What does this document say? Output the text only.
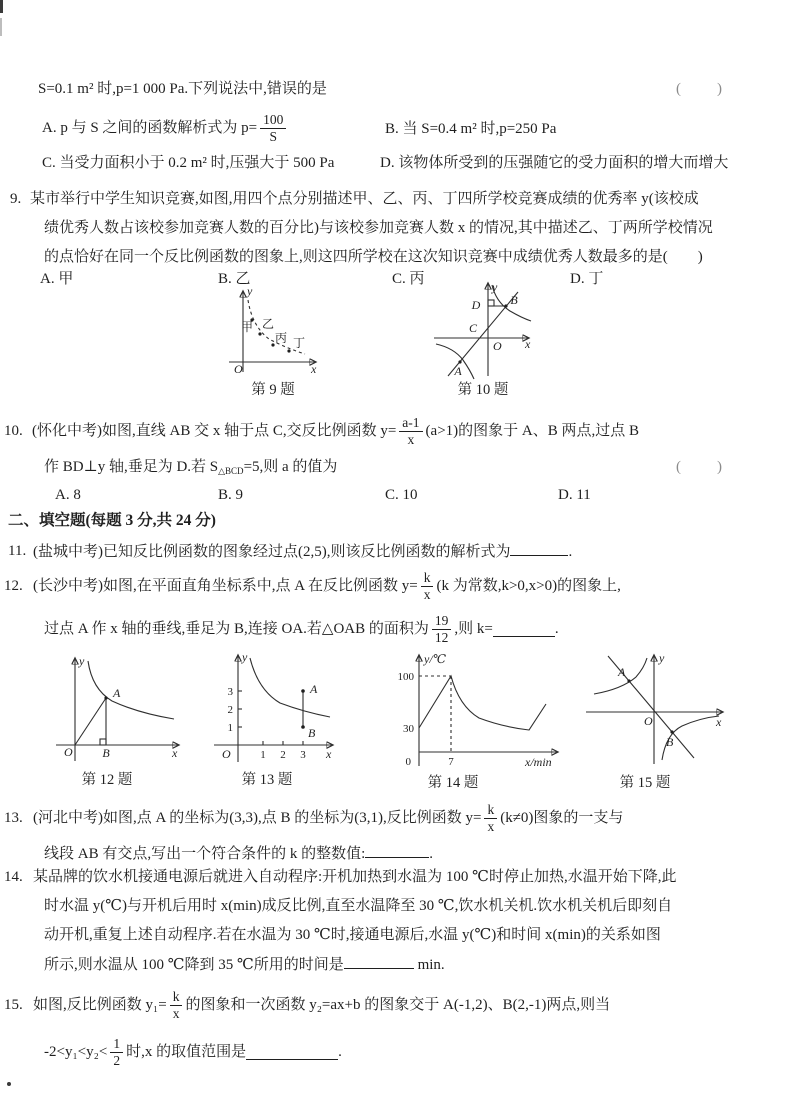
S=0.1 m² 时,p=1 000 Pa.下列说法中,错误的是	(　　)
A. p 与 S 之间的函数解析式为 $p= \frac{100}{S}$	B. 当 S=0.4 m² 时,p=250 Pa
C. 当受力面积小于 0.2 m² 时,压强大于 500 Pa	D. 该物体所受到的压强随它的受力面积的增大而增大
9. 某市举行中学生知识竞赛,如图,用四个点分别描述甲、乙、丙、丁四所学校竞赛成绩的优秀率 y(该校成
绩优秀人数占该校参加竞赛人数的百分比)与该校参加竞赛人数 x 的情况,其中描述乙、丁两所学校情况
的点恰好在同一个反比例函数的图象上,则这四所学校在这次知识竞赛中成绩优秀人数最多的是(　　)
A. 甲	B. 乙	C. 丙	D. 丁
甲 乙
丙 丁
O	x
y
第 9 题
y
x
O
D B
C
A
第 10 题
10. (怀化中考)如图,直线 AB 交 x 轴于点 C,交反比例函数 $y= \frac{a-1}{x} (a>1)$的图象于 A、B 两点,过点 B
作 BD⊥y 轴,垂足为 D.若 $S_{\triangle BCD}=5$,则 a 的值为	(　　)
A. 8	B. 9	C. 10	D. 11
二、填空题(每题 3 分,共 24 分)
11. (盐城中考)已知反比例函数的图象经过点(2,5),则该反比例函数的解析式为	.
12. (长沙中考)如图,在平面直角坐标系中,点 A 在反比例函数 $y= \frac{k}{x} (k$ 为常数,k>0,x>0)的图象上,
过点 A 作 x 轴的垂线,垂足为 B,连接 OA.若△OAB 的面积为 $\frac{19}{12}$ ,则 k=	.
A
B
O	x
y
第 12 题
3
2
1
1 2 3
A
B
O	x
y
第 13 题
100
30
0	7
y/℃
x/min
第 14 题
A
B
O	x
y
第 15 题
13. (河北中考)如图,点 A 的坐标为(3,3),点 B 的坐标为(3,1),反比例函数 $y= \frac{k}{x} (k\ne 0)$图象的一支与
线段 AB 有交点,写出一个符合条件的 k 的整数值:	.
14. 某品牌的饮水机接通电源后就进入自动程序:开机加热到水温为 100 ℃时停止加热,水温开始下降,此
时水温 y(℃)与开机后用时 x(min)成反比例,直至水温降至 30 ℃,饮水机关机.饮水机关机后即刻自
动开机,重复上述自动程序.若在水温为 30 ℃时,接通电源后,水温 y(℃)和时间 x(min)的关系如图
所示,则水温从 100 ℃降到 35 ℃所用的时间是	min.
15. 如图,反比例函数 $y_1= \frac{k}{x}$ 的图象和一次函数 y₂=ax+b 的图象交于 A(-1,2)、B(2,-1)两点,则当
$-2<y_1<y_2< \frac{1}{2}$ 时,x 的取值范围是	.
